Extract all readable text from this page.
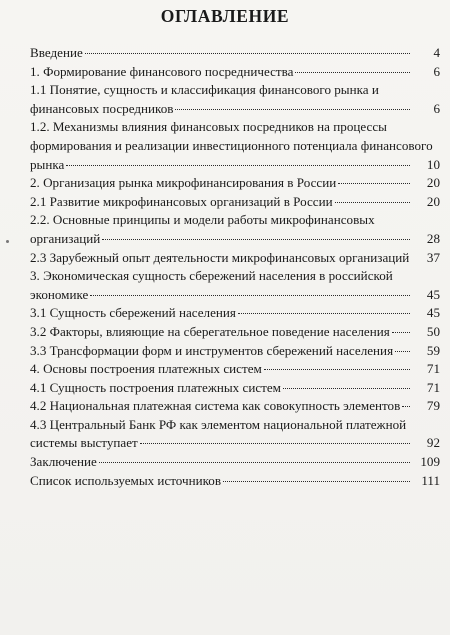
ОГЛАВЛЕНИЕ
Введение	4
1. Формирование финансового посредничества	6
1.1 Понятие, сущность и классификация финансового рынка и
финансовых посредников	6
1.2. Механизмы влияния финансовых посредников на процессы
формирования и реализации инвестиционного потенциала финансового
рынка	10
2. Организация рынка микрофинансирования в России	20
2.1 Развитие микрофинансовых организаций в России	20
2.2. Основные принципы и модели работы микрофинансовых
организаций	28
2.3 Зарубежный опыт деятельности микрофинансовых организаций	37
3. Экономическая сущность сбережений населения в российской
экономике	45
3.1 Сущность сбережений населения	45
3.2 Факторы, влияющие на сберегательное поведение населения	50
3.3 Трансформации форм и инструментов сбережений населения	59
4. Основы построения платежных систем	71
4.1 Сущность построения платежных систем	71
4.2 Национальная платежная система как совокупность элементов	79
4.3 Центральный Банк РФ как элементом национальной платежной
системы выступает	92
Заключение	109
Список используемых источников	111
